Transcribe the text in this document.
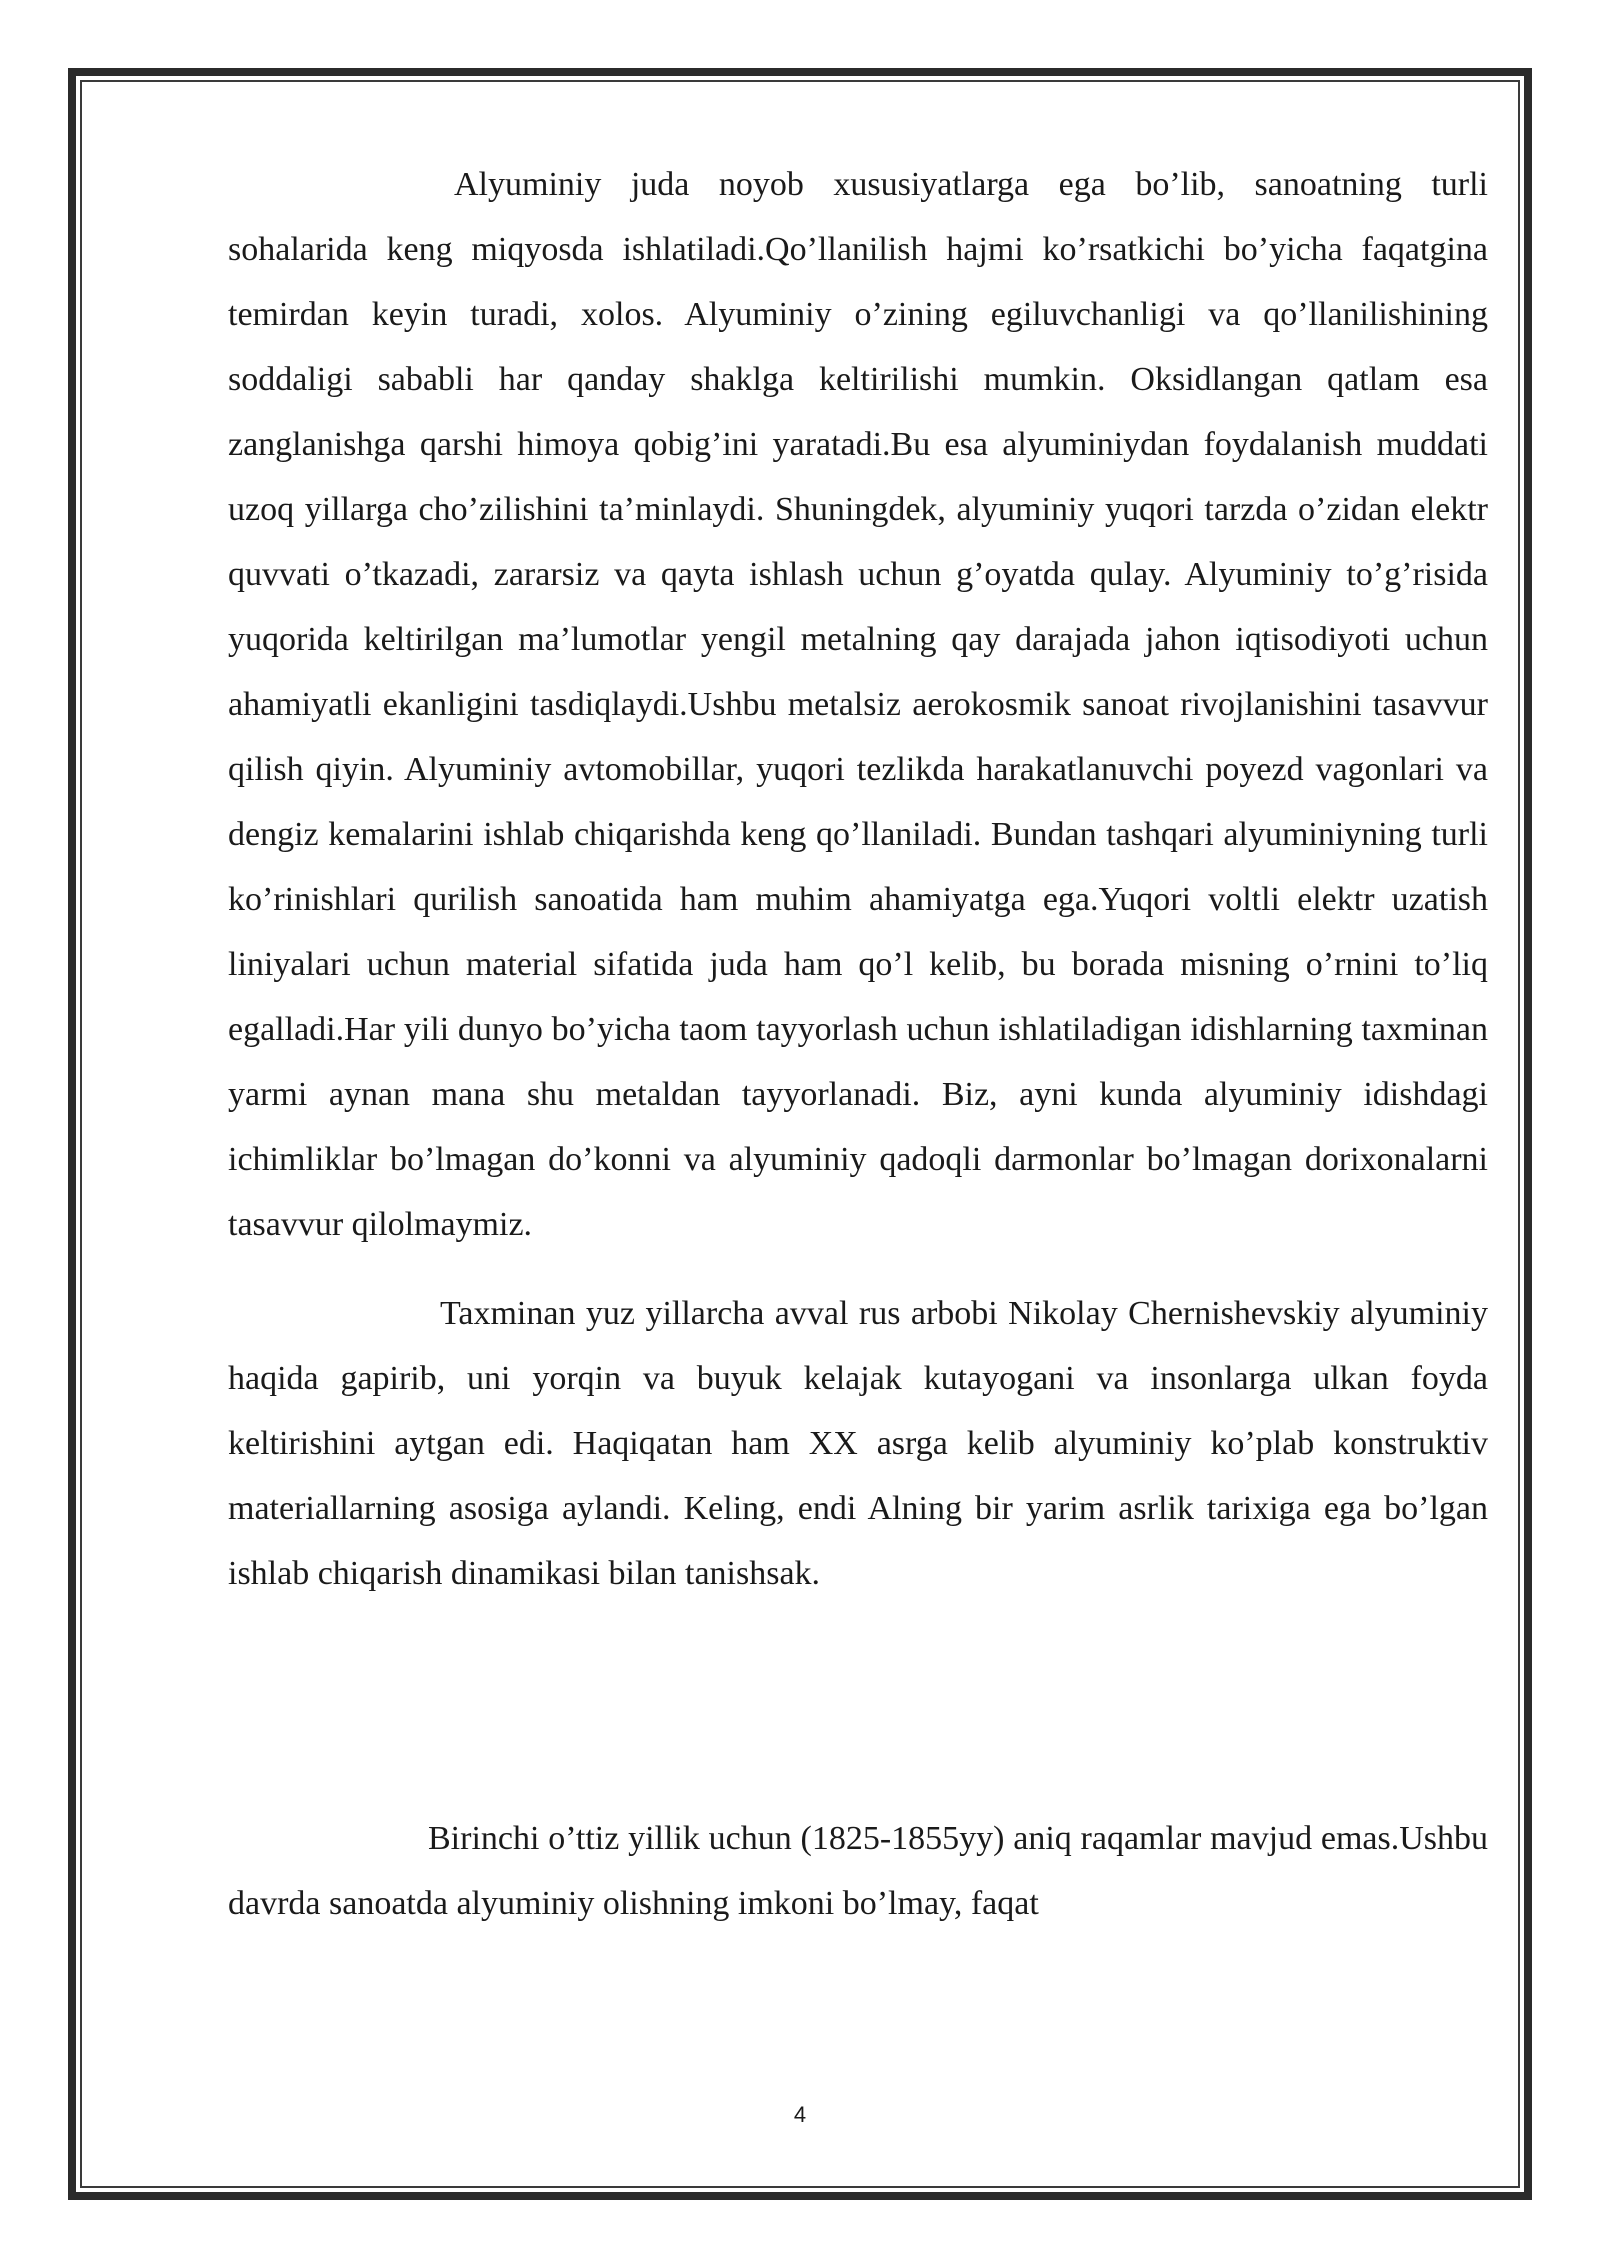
Alyuminiy juda noyob xususiyatlarga ega bo’lib, sanoatning turli sohalarida keng miqyosda ishlatiladi.Qo’llanilish hajmi ko’rsatkichi bo’yicha faqatgina temirdan keyin turadi, xolos. Alyuminiy o’zining egiluvchanligi va qo’llanilishining soddaligi sababli har qanday shaklga keltirilishi mumkin. Oksidlangan qatlam esa zanglanishga qarshi himoya qobig’ini yaratadi.Bu esa alyuminiydan foydalanish muddati uzoq yillarga cho’zilishini ta’minlaydi. Shuningdek, alyuminiy yuqori tarzda o’zidan elektr quvvati o’tkazadi, zararsiz va qayta ishlash uchun g’oyatda qulay. Alyuminiy to’g’risida yuqorida keltirilgan ma’lumotlar yengil metalning qay darajada jahon iqtisodiyoti uchun ahamiyatli ekanligini tasdiqlaydi.Ushbu metalsiz aerokosmik sanoat rivojlanishini tasavvur qilish qiyin. Alyuminiy avtomobillar, yuqori tezlikda harakatlanuvchi poyezd vagonlari va dengiz kemalarini ishlab chiqarishda keng qo’llaniladi. Bundan tashqari alyuminiyning turli ko’rinishlari qurilish sanoatida ham muhim ahamiyatga ega.Yuqori voltli elektr uzatish liniyalari uchun material sifatida juda ham qo’l kelib, bu borada misning o’rnini to’liq egalladi.Har yili dunyo bo’yicha taom tayyorlash uchun ishlatiladigan idishlarning taxminan yarmi aynan mana shu metaldan tayyorlanadi. Biz, ayni kunda alyuminiy idishdagi ichimliklar bo’lmagan do’konni va alyuminiy qadoqli darmonlar bo’lmagan dorixonalarni tasavvur qilolmaymiz.

Taxminan yuz yillarcha avval rus arbobi Nikolay Chernishevskiy alyuminiy haqida gapirib, uni yorqin va buyuk kelajak kutayogani va insonlarga ulkan foyda keltirishini aytgan edi. Haqiqatan ham XX asrga kelib alyuminiy ko’plab konstruktiv materiallarning asosiga aylandi. Keling, endi Alning bir yarim asrlik tarixiga ega bo’lgan ishlab chiqarish dinamikasi bilan tanishsak.

Birinchi o’ttiz yillik uchun (1825-1855yy) aniq raqamlar mavjud emas.Ushbu davrda sanoatda alyuminiy olishning imkoni bo’lmay, faqat

4
